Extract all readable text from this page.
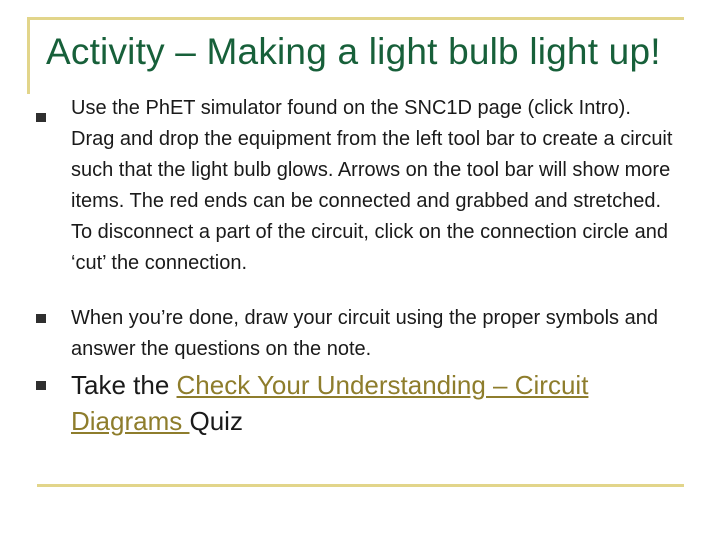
Activity – Making a light bulb light up!
Use the PhET simulator found on the SNC1D page (click Intro). Drag and drop the equipment from the left tool bar to create a circuit such that the light bulb glows. Arrows on the tool bar will show more items. The red ends can be connected and grabbed and stretched. To disconnect a part of the circuit, click on the connection circle and ‘cut’ the connection.
When you’re done, draw your circuit using the proper symbols and answer the questions on the note.
Take the Check Your Understanding – Circuit Diagrams Quiz
